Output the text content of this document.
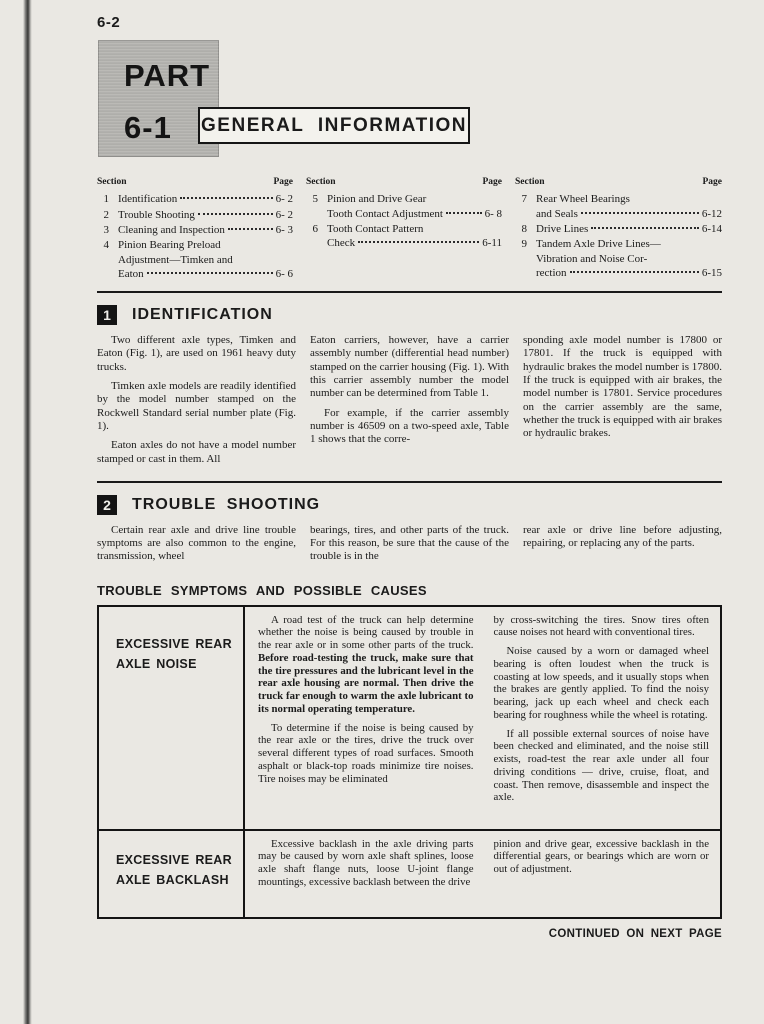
6-2
PART
6-1	GENERAL INFORMATION
Section	Page
1 Identification	6- 2
2 Trouble Shooting	6- 2
3 Cleaning and Inspection	6- 3
4 Pinion Bearing Preload
Adjustment—Timken and
Eaton	6- 6
Section	Page
5 Pinion and Drive Gear
Tooth Contact Adjustment	6- 8
6 Tooth Contact Pattern
Check	6-11
Section	Page
7 Rear Wheel Bearings
and Seals	6-12
8 Drive Lines	6-14
9 Tandem Axle Drive Lines—
Vibration and Noise Cor-
rection	6-15
1	IDENTIFICATION

Two different axle types, Timken and Eaton (Fig. 1), are used on 1961 heavy duty trucks.

Timken axle models are readily identified by the model number stamped on the Rockwell Standard serial number plate (Fig. 1).

Eaton axles do not have a model number stamped or cast in them. All

Eaton carriers, however, have a carrier assembly number (differential head number) stamped on the carrier housing (Fig. 1). With this carrier assembly number the model number can be determined from Table 1.

For example, if the carrier assembly number is 46509 on a two-speed axle, Table 1 shows that the corre-

sponding axle model number is 17800 or 17801. If the truck is equipped with hydraulic brakes the model number is 17800. If the truck is equipped with air brakes, the model number is 17801. Service procedures on the carrier assembly are the same, whether the truck is equipped with air brakes or hydraulic brakes.

2	TROUBLE SHOOTING

Certain rear axle and drive line trouble symptoms are also common to the engine, transmission, wheel

bearings, tires, and other parts of the truck. For this reason, be sure that the cause of the trouble is in the

rear axle or drive line before adjusting, repairing, or replacing any of the parts.

TROUBLE SYMPTOMS AND POSSIBLE CAUSES
EXCESSIVE REAR AXLE NOISE

A road test of the truck can help determine whether the noise is being caused by trouble in the rear axle or in some other parts of the truck. Before road-testing the truck, make sure that the tire pressures and the lubricant level in the rear axle housing are normal. Then drive the truck far enough to warm the axle lubricant to its normal operating temperature.

To determine if the noise is being caused by the rear axle or the tires, drive the truck over several different types of road surfaces. Smooth asphalt or black-top roads minimize tire noises. Tire noises may be eliminated

by cross-switching the tires. Snow tires often cause noises not heard with conventional tires.

Noise caused by a worn or damaged wheel bearing is often loudest when the truck is coasting at low speeds, and it usually stops when the brakes are gently applied. To find the noisy bearing, jack up each wheel and check each bearing for roughness while the wheel is rotating.

If all possible external sources of noise have been checked and eliminated, and the noise still exists, road-test the rear axle under all four driving conditions — drive, cruise, float, and coast. Then remove, disassemble and inspect the axle.

EXCESSIVE REAR AXLE BACKLASH

Excessive backlash in the axle driving parts may be caused by worn axle shaft splines, loose axle shaft flange nuts, loose U-joint flange mountings, excessive backlash between the drive

pinion and drive gear, excessive backlash in the differential gears, or bearings which are worn or out of adjustment.

CONTINUED ON NEXT PAGE
